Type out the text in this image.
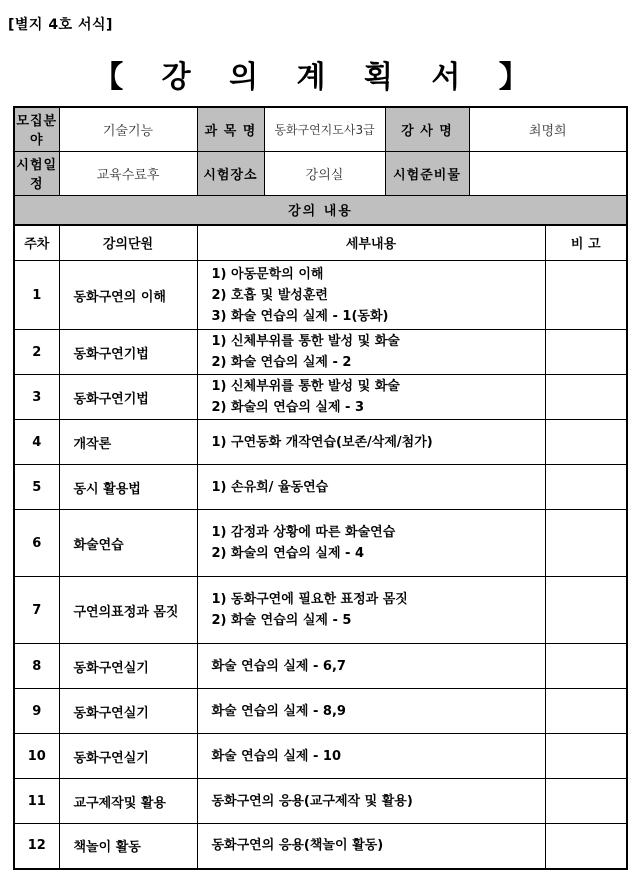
[별지 4호 서식]
【 강 의 계 획 서 】
모집분야	기술기능	과 목 명	동화구연지도사3급	강 사 명	최명희
시험일정	교육수료후	시험장소	강의실	시험준비물	
강의 내용					
주차	강의단원	세부내용	비 고
1	동화구연의 이해	1) 아동문학의 이해
2) 호흡 및 발성훈련
3) 화술 연습의 실제 - 1(동화)	

2	동화구연기법	1) 신체부위를 통한 발성 및 화술
2) 화술 연습의 실제 - 2	

3	동화구연기법	1) 신체부위를 통한 발성 및 화술
2) 화술의 연습의 실제 - 3	

4	개작론	1) 구연동화 개작연습(보존/삭제/첨가)	

5	동시 활용법	1) 손유희/ 율동연습	

6	화술연습	1) 감정과 상황에 따른 화술연습
2) 화술의 연습의 실제 - 4	

7	구연의표정과 몸짓	1) 동화구연에 필요한 표정과 몸짓
2) 화술 연습의 실제 - 5	

8	동화구연실기	화술 연습의 실제 - 6,7	

9	동화구연실기	화술 연습의 실제 - 8,9	

10	동화구연실기	화술 연습의 실제 - 10	

11	교구제작및 활용	동화구연의 응용(교구제작 및 활용)	

12	책놀이 활동	동화구연의 응용(책놀이 활동)	
